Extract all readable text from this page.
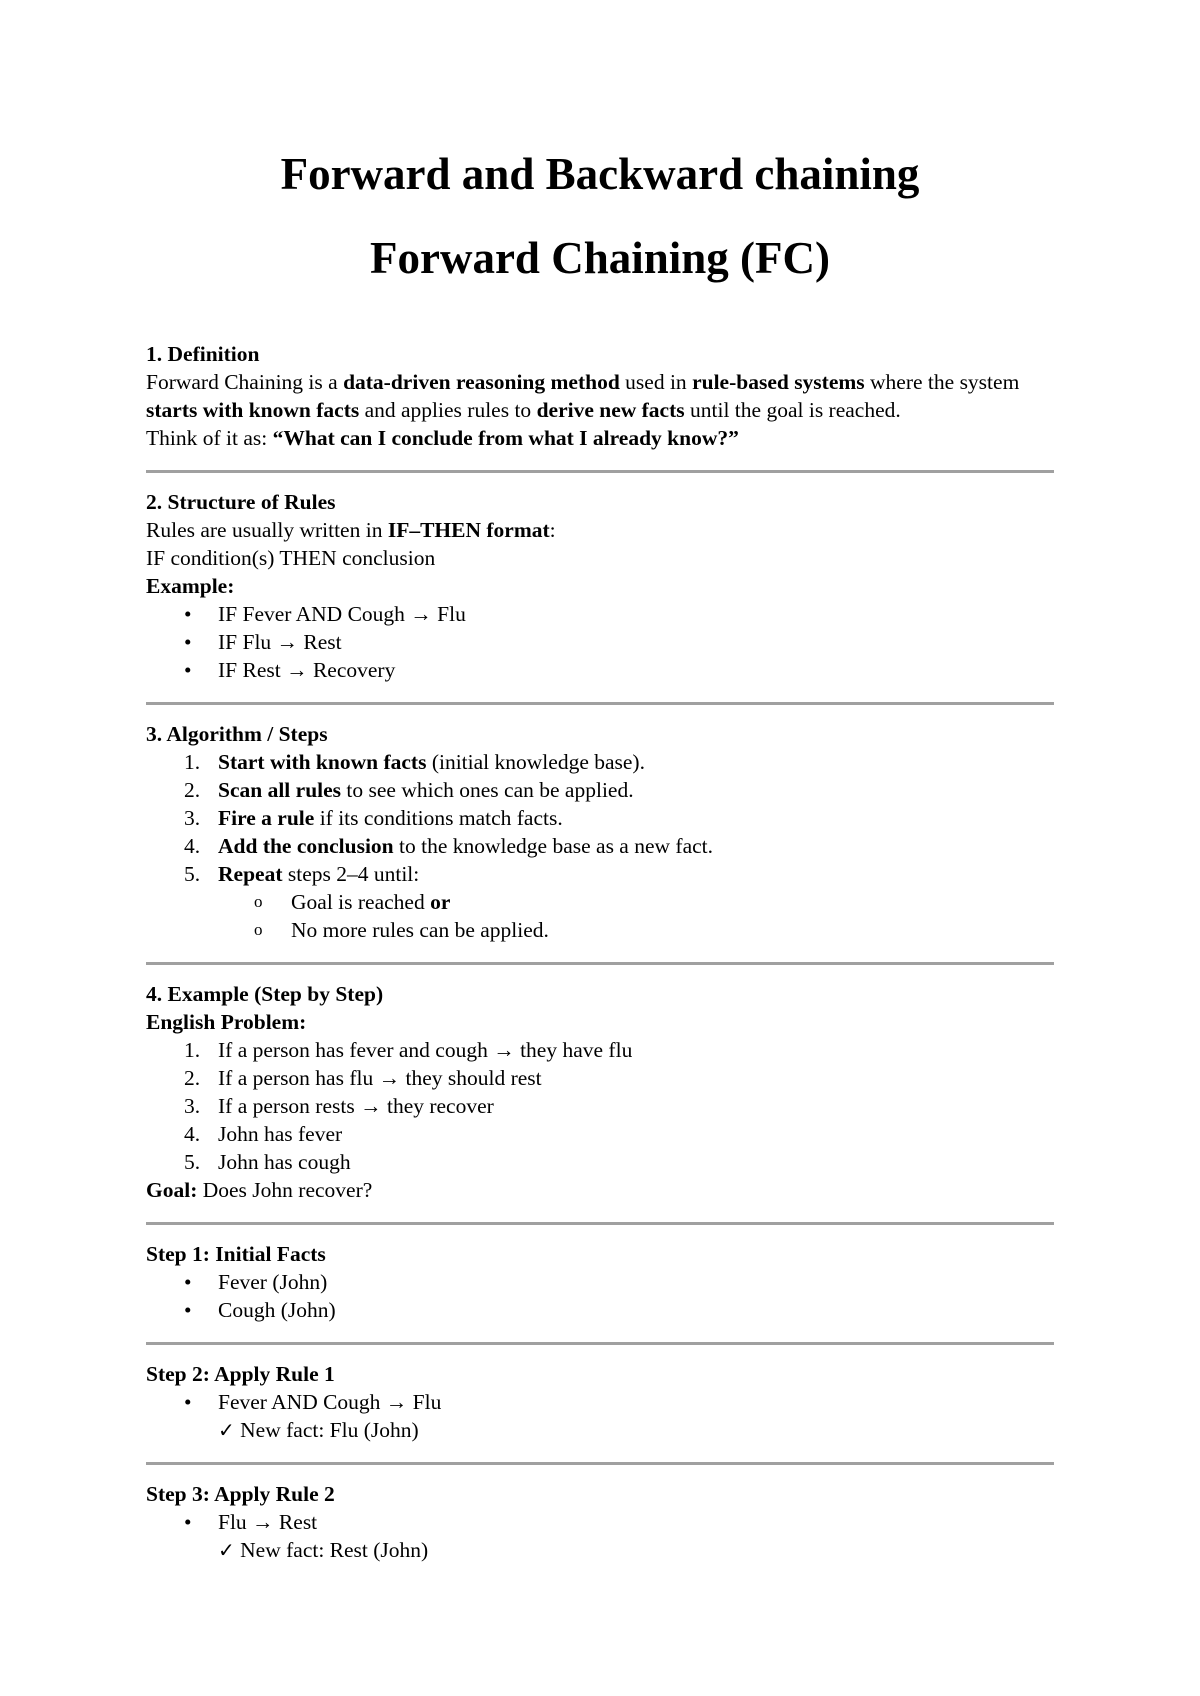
Forward and Backward chaining
Forward Chaining (FC)

1. Definition

Forward Chaining is a data-driven reasoning method used in rule-based systems where the system starts with known facts and applies rules to derive new facts until the goal is reached.

Think of it as: “What can I conclude from what I already know?”

2. Structure of Rules

Rules are usually written in IF–THEN format:

IF condition(s) THEN conclusion

Example:

• IF Fever AND Cough → Flu
• IF Flu → Rest
• IF Rest → Recovery

3. Algorithm / Steps

1. Start with known facts (initial knowledge base).
2. Scan all rules to see which ones can be applied.
3. Fire a rule if its conditions match facts.
4. Add the conclusion to the knowledge base as a new fact.
5. Repeat steps 2–4 until:
o Goal is reached or
o No more rules can be applied.

4. Example (Step by Step)

English Problem:

1. If a person has fever and cough → they have flu
2. If a person has flu → they should rest
3. If a person rests → they recover
4. John has fever
5. John has cough

Goal: Does John recover?

Step 1: Initial Facts

• Fever (John)
• Cough (John)

Step 2: Apply Rule 1

• Fever AND Cough → Flu
✓ New fact: Flu (John)

Step 3: Apply Rule 2

• Flu → Rest
✓ New fact: Rest (John)
